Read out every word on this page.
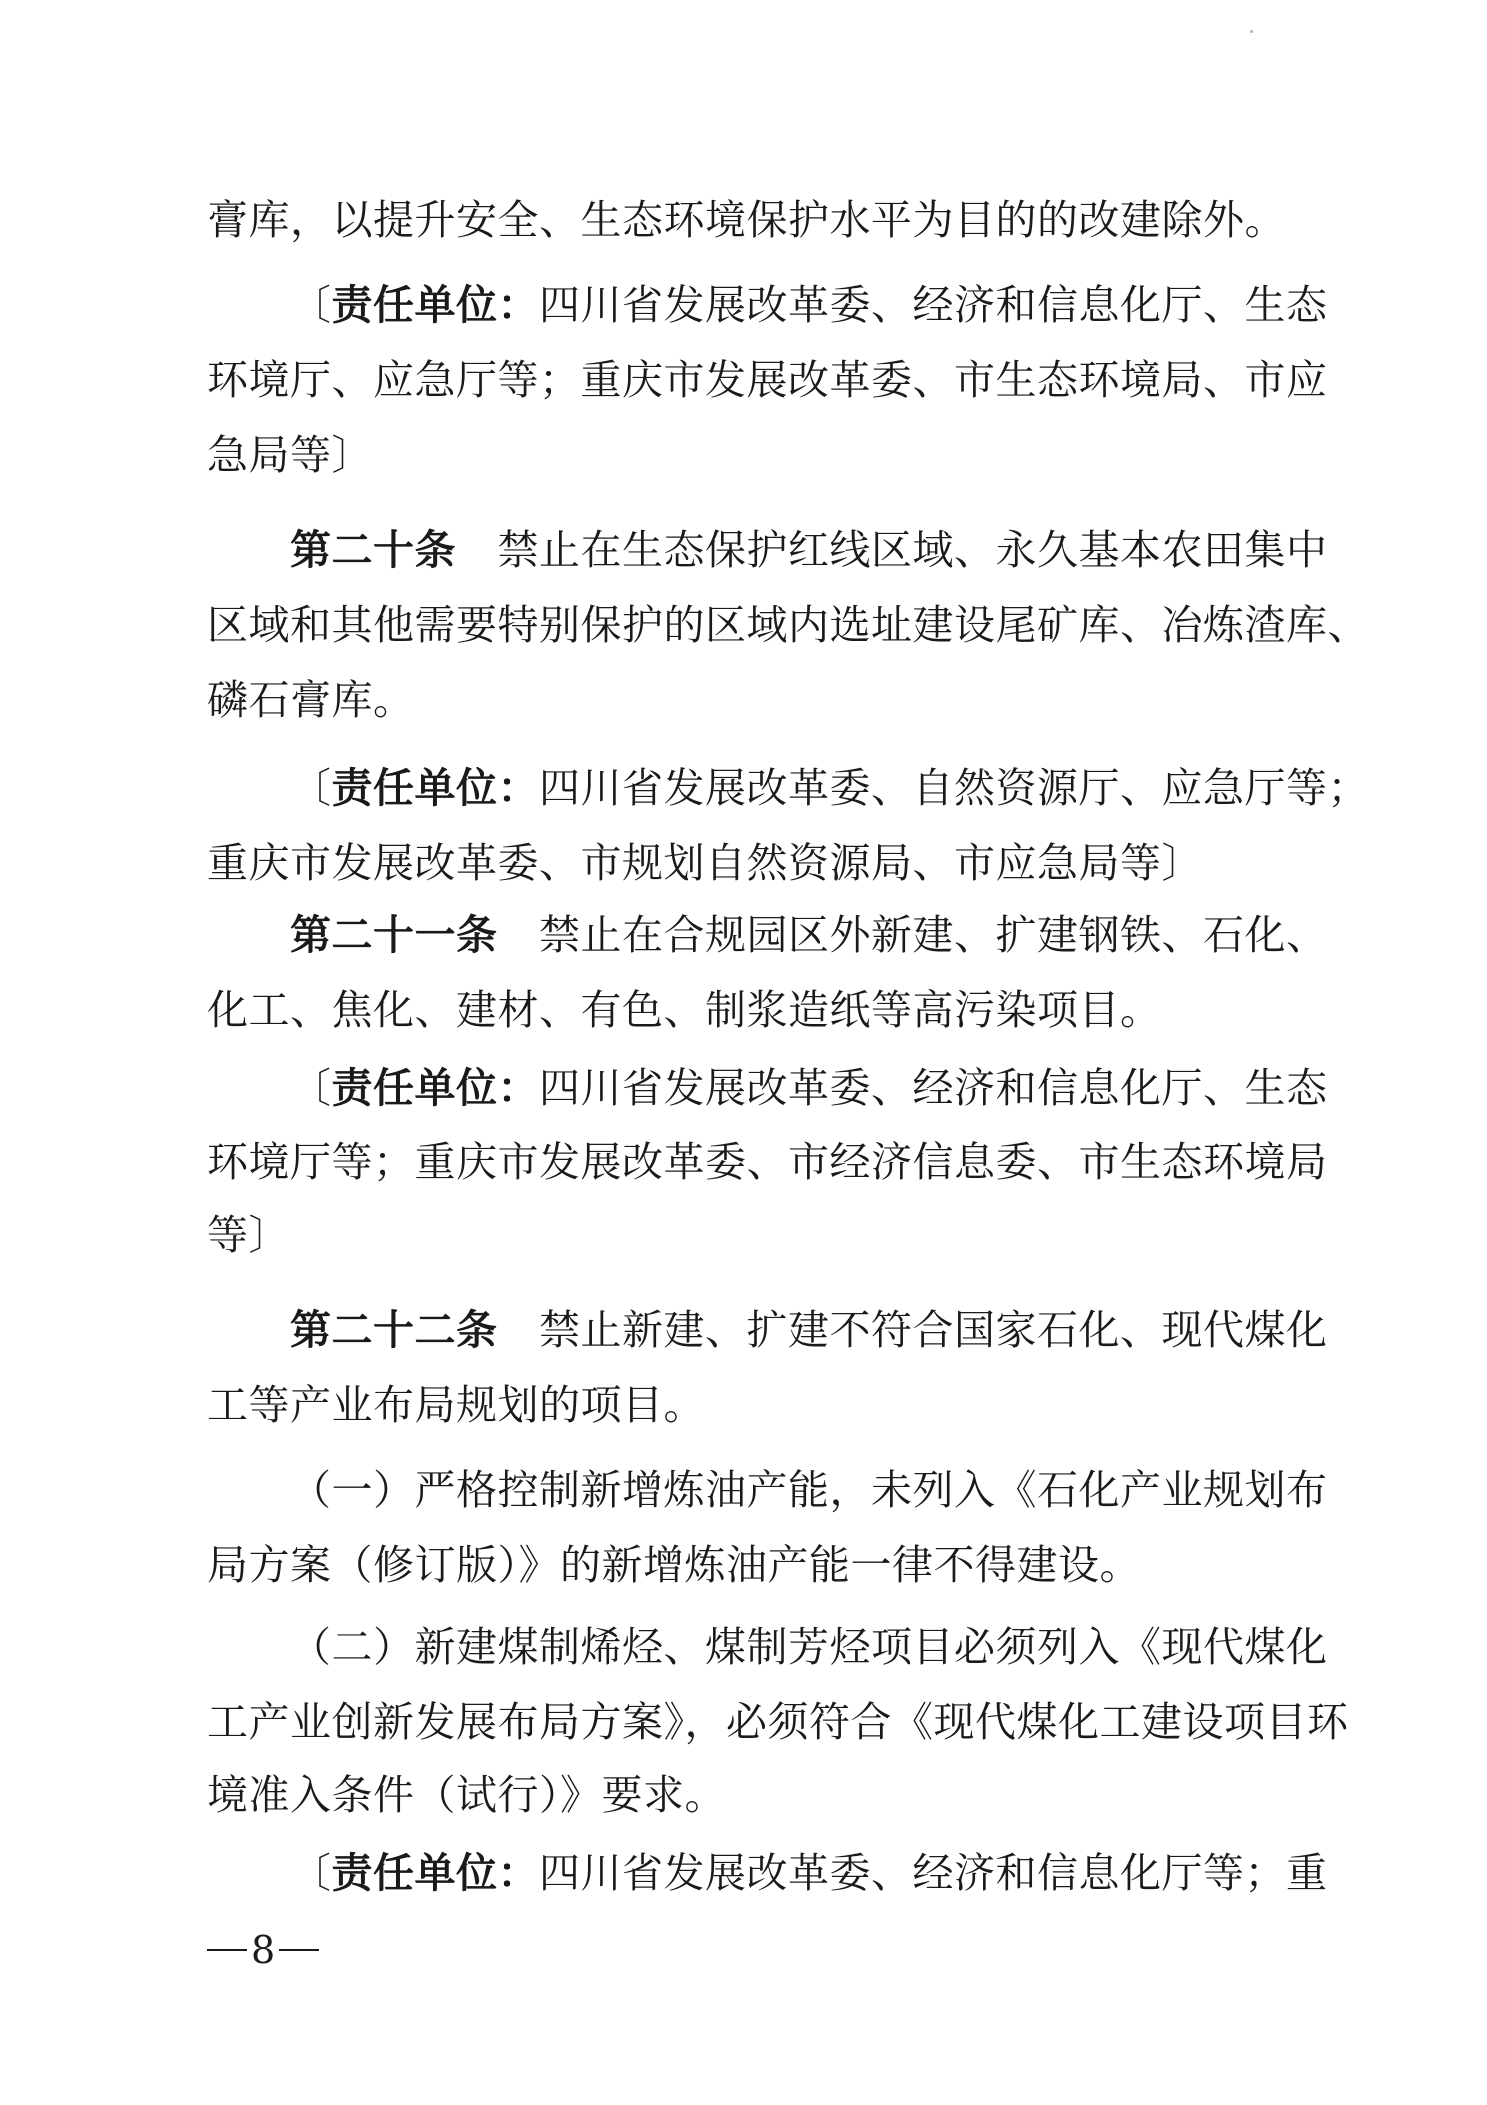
膏库，以提升安全、生态环境保护水平为目的的改建除外。
〔责任单位：四川省发展改革委、经济和信息化厅、生态
环境厅、应急厅等；重庆市发展改革委、市生态环境局、市应
急局等〕
第二十条　禁止在生态保护红线区域、永久基本农田集中
区域和其他需要特别保护的区域内选址建设尾矿库、冶炼渣库、
磷石膏库。
〔责任单位：四川省发展改革委、自然资源厅、应急厅等；
重庆市发展改革委、市规划自然资源局、市应急局等〕
第二十一条　禁止在合规园区外新建、扩建钢铁、石化、
化工、焦化、建材、有色、制浆造纸等高污染项目。
〔责任单位：四川省发展改革委、经济和信息化厅、生态
环境厅等；重庆市发展改革委、市经济信息委、市生态环境局
等〕
第二十二条　禁止新建、扩建不符合国家石化、现代煤化
工等产业布局规划的项目。
（一）严格控制新增炼油产能，未列入《石化产业规划布
局方案（修订版）》的新增炼油产能一律不得建设。
（二）新建煤制烯烃、煤制芳烃项目必须列入《现代煤化
工产业创新发展布局方案》，必须符合《现代煤化工建设项目环
境准入条件（试行）》要求。
〔责任单位：四川省发展改革委、经济和信息化厅等；重
8
